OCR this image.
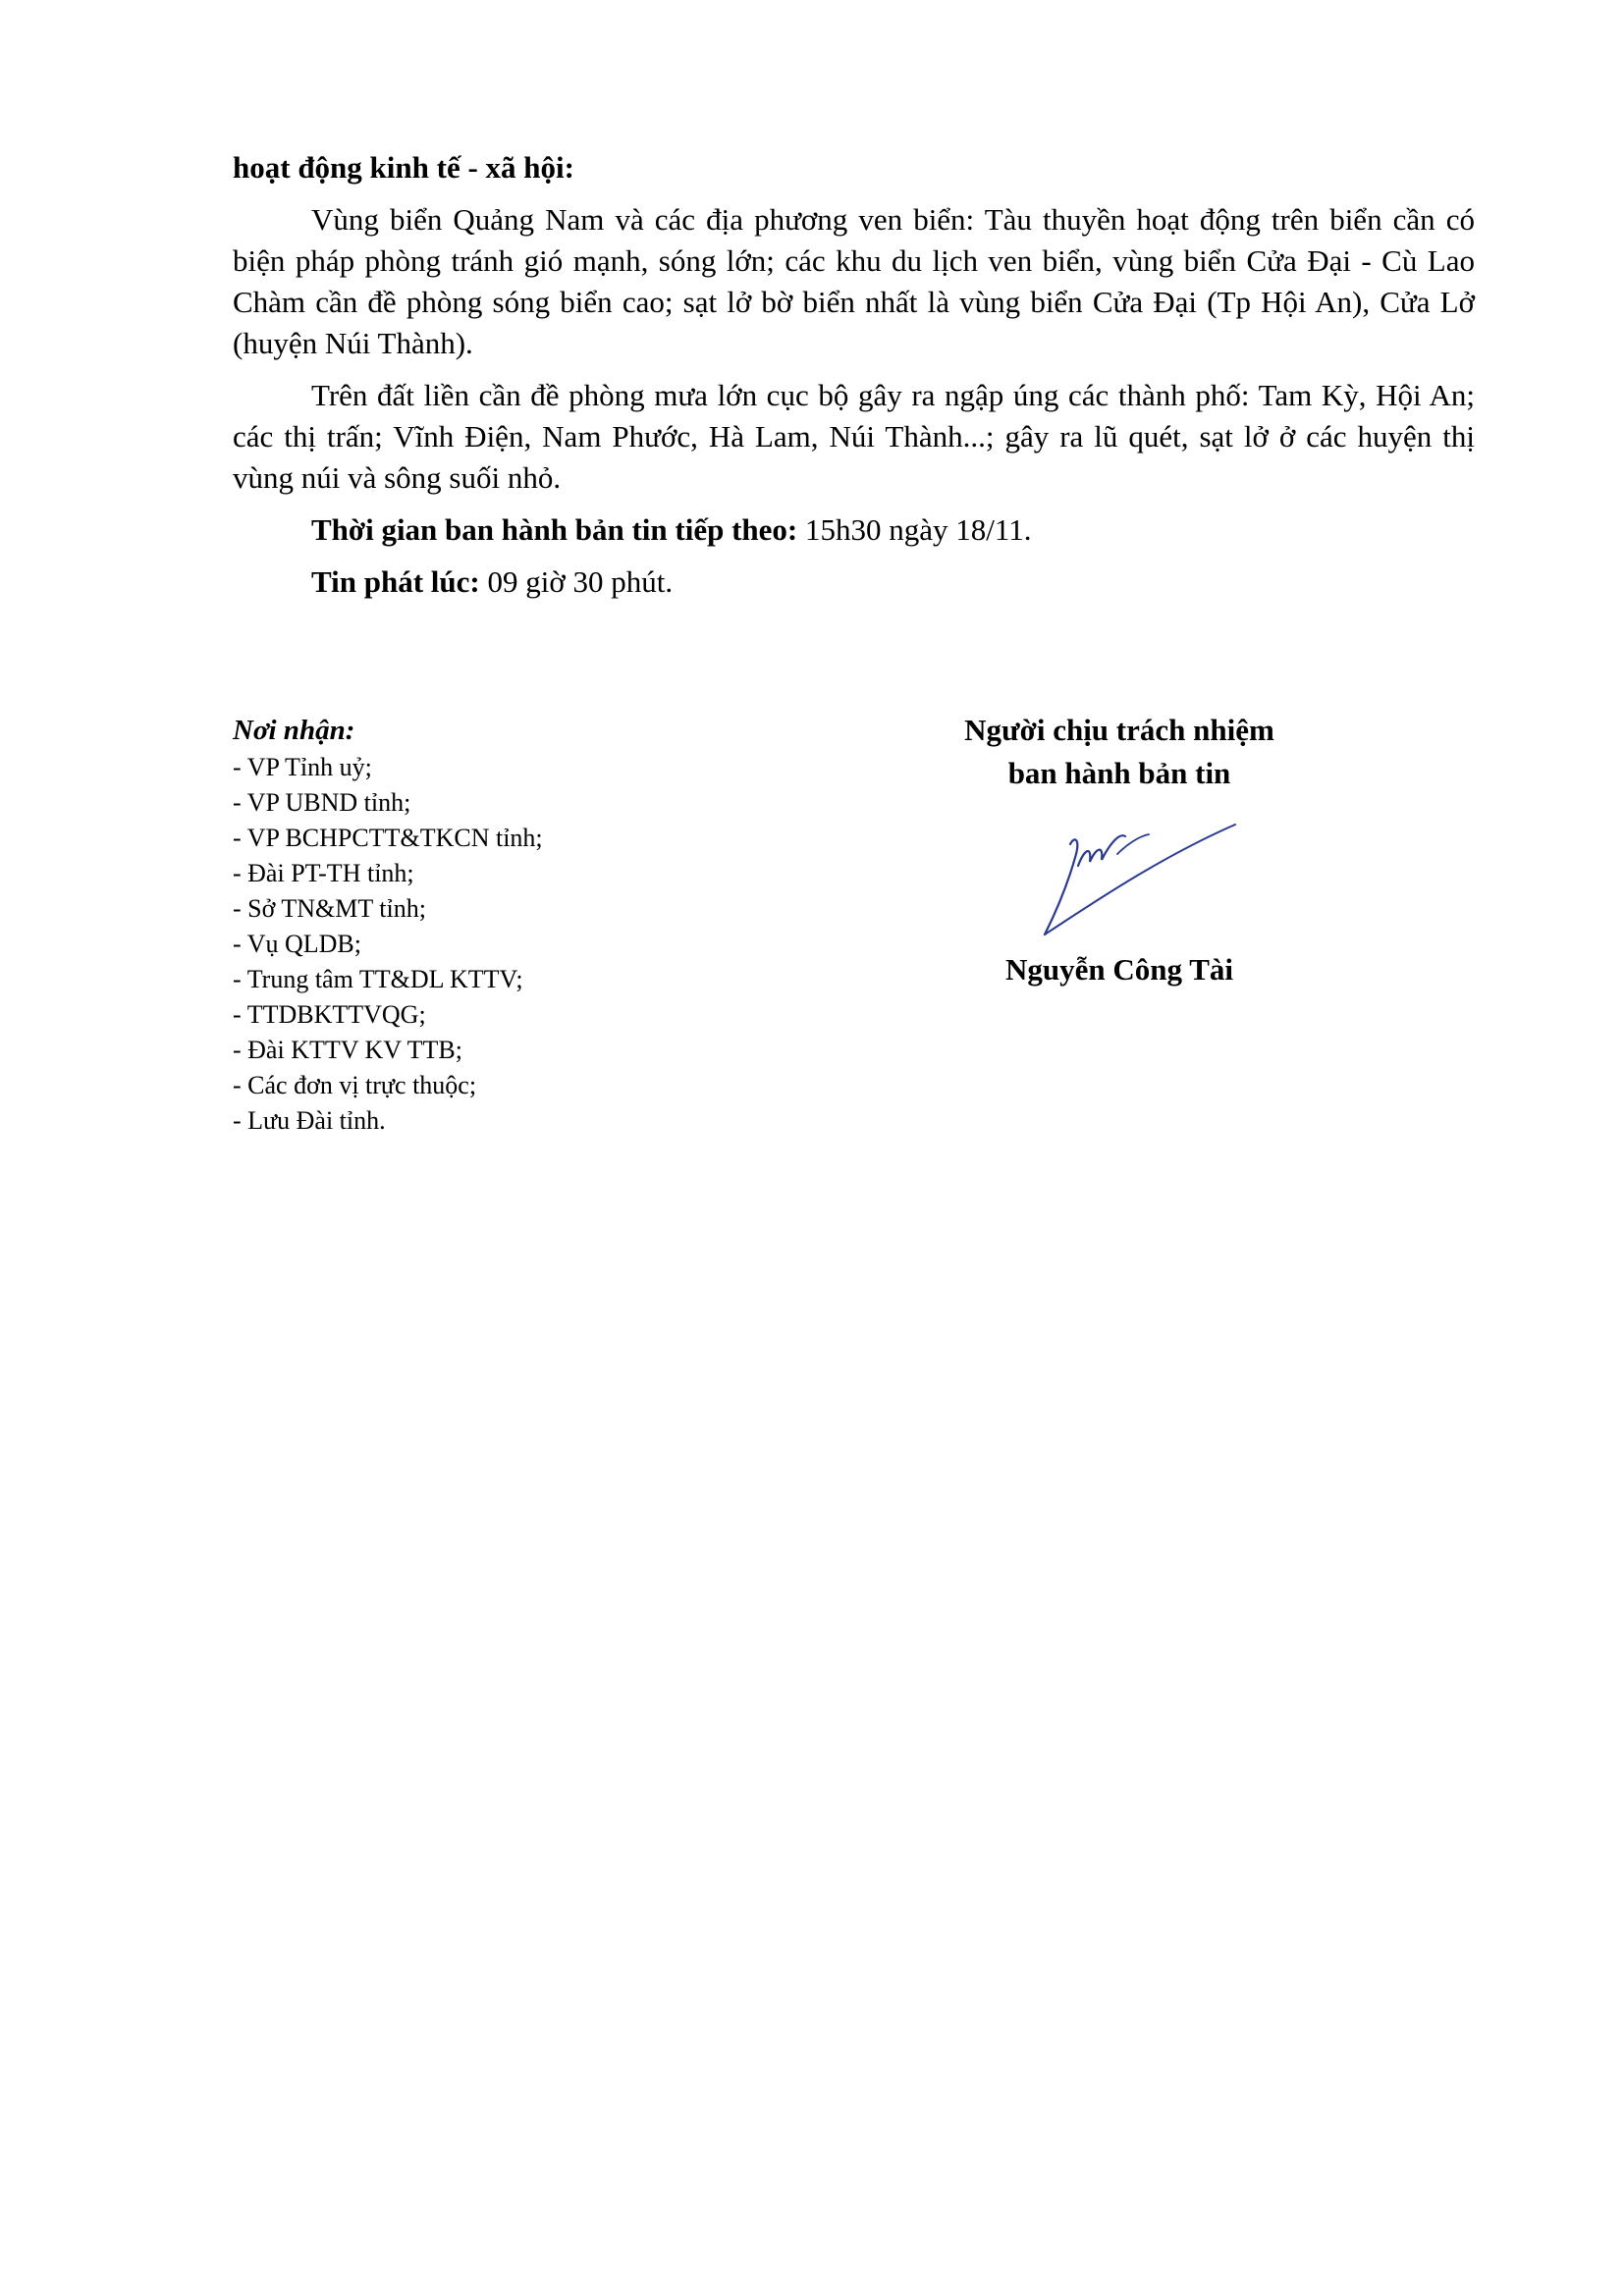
hoạt động kinh tế - xã hội:

Vùng biển Quảng Nam và các địa phương ven biển: Tàu thuyền hoạt động trên biển cần có biện pháp phòng tránh gió mạnh, sóng lớn; các khu du lịch ven biển, vùng biển Cửa Đại - Cù Lao Chàm cần đề phòng sóng biển cao; sạt lở bờ biển nhất là vùng biển Cửa Đại (Tp Hội An), Cửa Lở (huyện Núi Thành).

Trên đất liền cần đề phòng mưa lớn cục bộ gây ra ngập úng các thành phố: Tam Kỳ, Hội An; các thị trấn; Vĩnh Điện, Nam Phước, Hà Lam, Núi Thành...; gây ra lũ quét, sạt lở ở các huyện thị vùng núi và sông suối nhỏ.

Thời gian ban hành bản tin tiếp theo: 15h30 ngày 18/11.

Tin phát lúc: 09 giờ 30 phút.

Nơi nhận:
- VP Tỉnh uỷ;
- VP UBND tỉnh;
- VP BCHPCTT&TKCN tỉnh;
- Đài PT-TH tỉnh;
- Sở TN&MT tỉnh;
- Vụ QLDB;
- Trung tâm TT&DL KTTV;
- TTDBKTTVQG;
- Đài KTTV KV TTB;
- Các đơn vị trực thuộc;
- Lưu Đài tỉnh.
Người chịu trách nhiệm
ban hành bản tin
Nguyễn Công Tài
